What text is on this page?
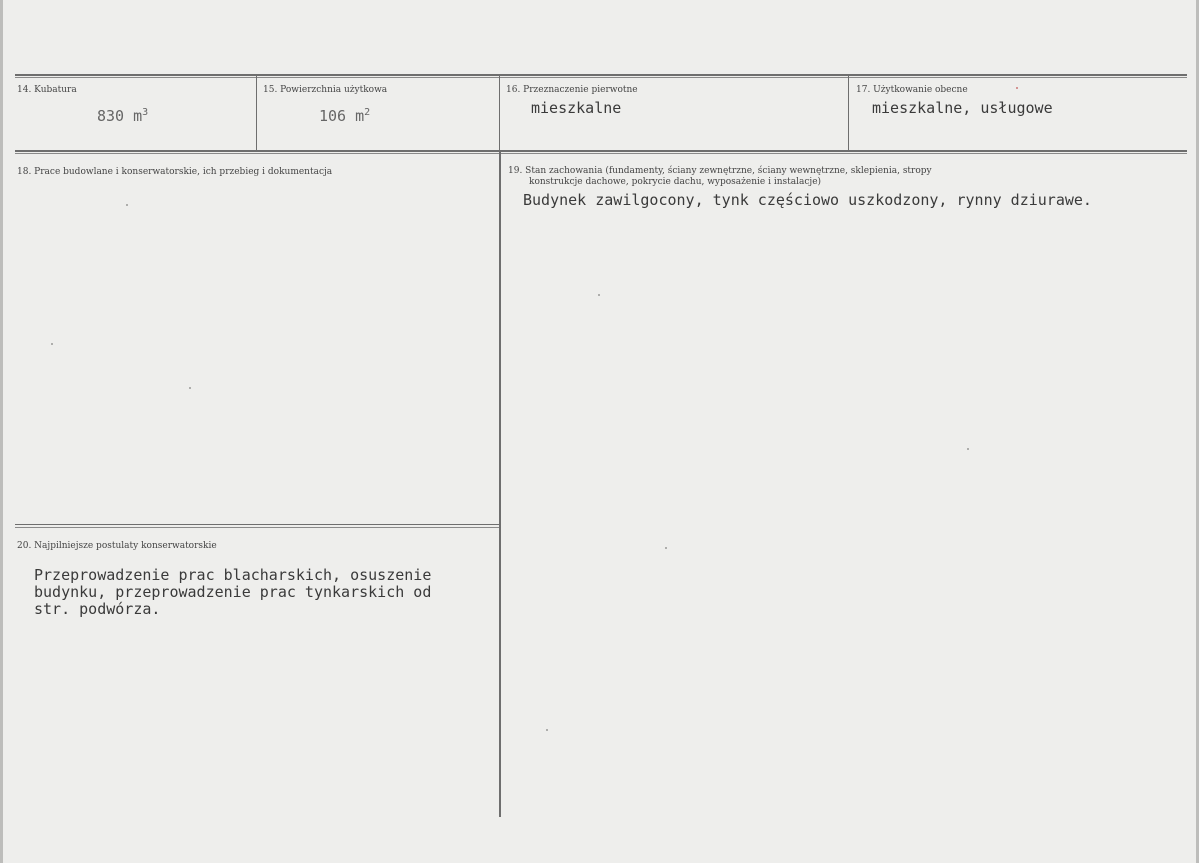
14. Kubatura
830 $m^3$
15. Powierzchnia użytkowa
106 $m^2$
16. Przeznaczenie pierwotne
mieszkalne
17. Użytkowanie obecne
mieszkalne, usługowe
18. Prace budowlane i konserwatorskie, ich przebieg i dokumentacja	19. Stan zachowania (fundamenty, ściany zewnętrzne, ściany wewnętrzne, sklepienia, stropy
konstrukcje dachowe, pokrycie dachu, wyposażenie i instalacje)
Budynek zawilgocony, tynk częściowo uszkodzony, rynny dziurawe.
20. Najpilniejsze postulaty konserwatorskie
Przeprowadzenie prac blacharskich, osuszenie
budynku, przeprowadzenie prac tynkarskich od
str. podwórza.
